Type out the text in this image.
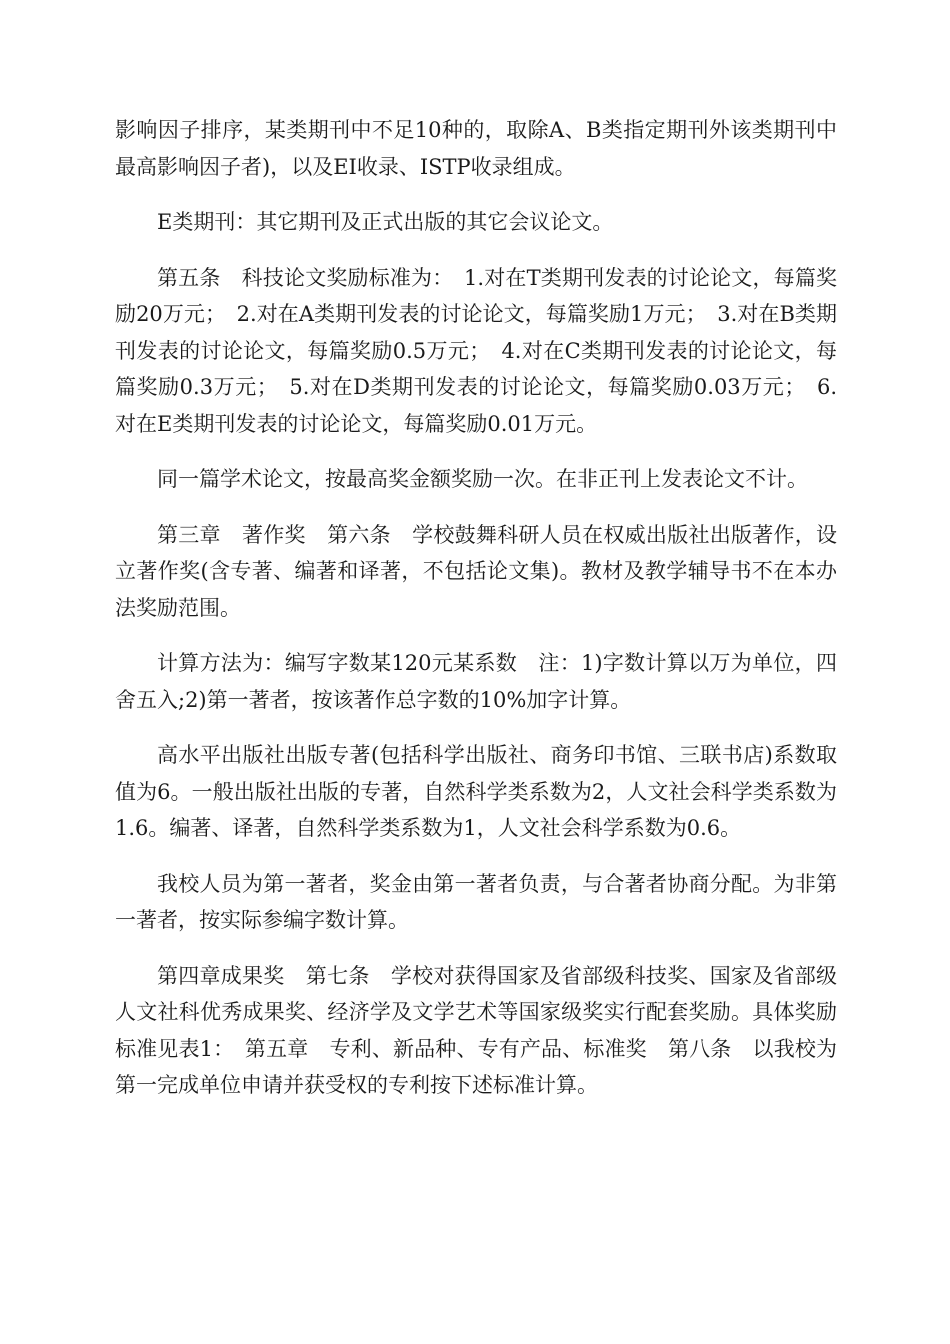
影响因子排序，某类期刊中不足10种的，取除A、B类指定期刊外该类期刊中最高影响因子者)，以及EI收录、ISTP收录组成。

E类期刊：其它期刊及正式出版的其它会议论文。

第五条　科技论文奖励标准为：　1.对在T类期刊发表的讨论论文，每篇奖励20万元；　2.对在A类期刊发表的讨论论文，每篇奖励1万元；　3.对在B类期刊发表的讨论论文，每篇奖励0.5万元；　4.对在C类期刊发表的讨论论文，每篇奖励0.3万元；　5.对在D类期刊发表的讨论论文，每篇奖励0.03万元；　6.对在E类期刊发表的讨论论文，每篇奖励0.01万元。

同一篇学术论文，按最高奖金额奖励一次。在非正刊上发表论文不计。

第三章　著作奖　第六条　学校鼓舞科研人员在权威出版社出版著作，设立著作奖(含专著、编著和译著，不包括论文集)。教材及教学辅导书不在本办法奖励范围。

计算方法为：编写字数某120元某系数　注：1)字数计算以万为单位，四舍五入;2)第一著者，按该著作总字数的10%加字计算。

高水平出版社出版专著(包括科学出版社、商务印书馆、三联书店)系数取值为6。一般出版社出版的专著，自然科学类系数为2，人文社会科学类系数为1.6。编著、译著，自然科学类系数为1，人文社会科学系数为0.6。

我校人员为第一著者，奖金由第一著者负责，与合著者协商分配。为非第一著者，按实际参编字数计算。

第四章成果奖　第七条　学校对获得国家及省部级科技奖、国家及省部级人文社科优秀成果奖、经济学及文学艺术等国家级奖实行配套奖励。具体奖励标准见表1：　第五章　专利、新品种、专有产品、标准奖　第八条　以我校为第一完成单位申请并获受权的专利按下述标准计算。
